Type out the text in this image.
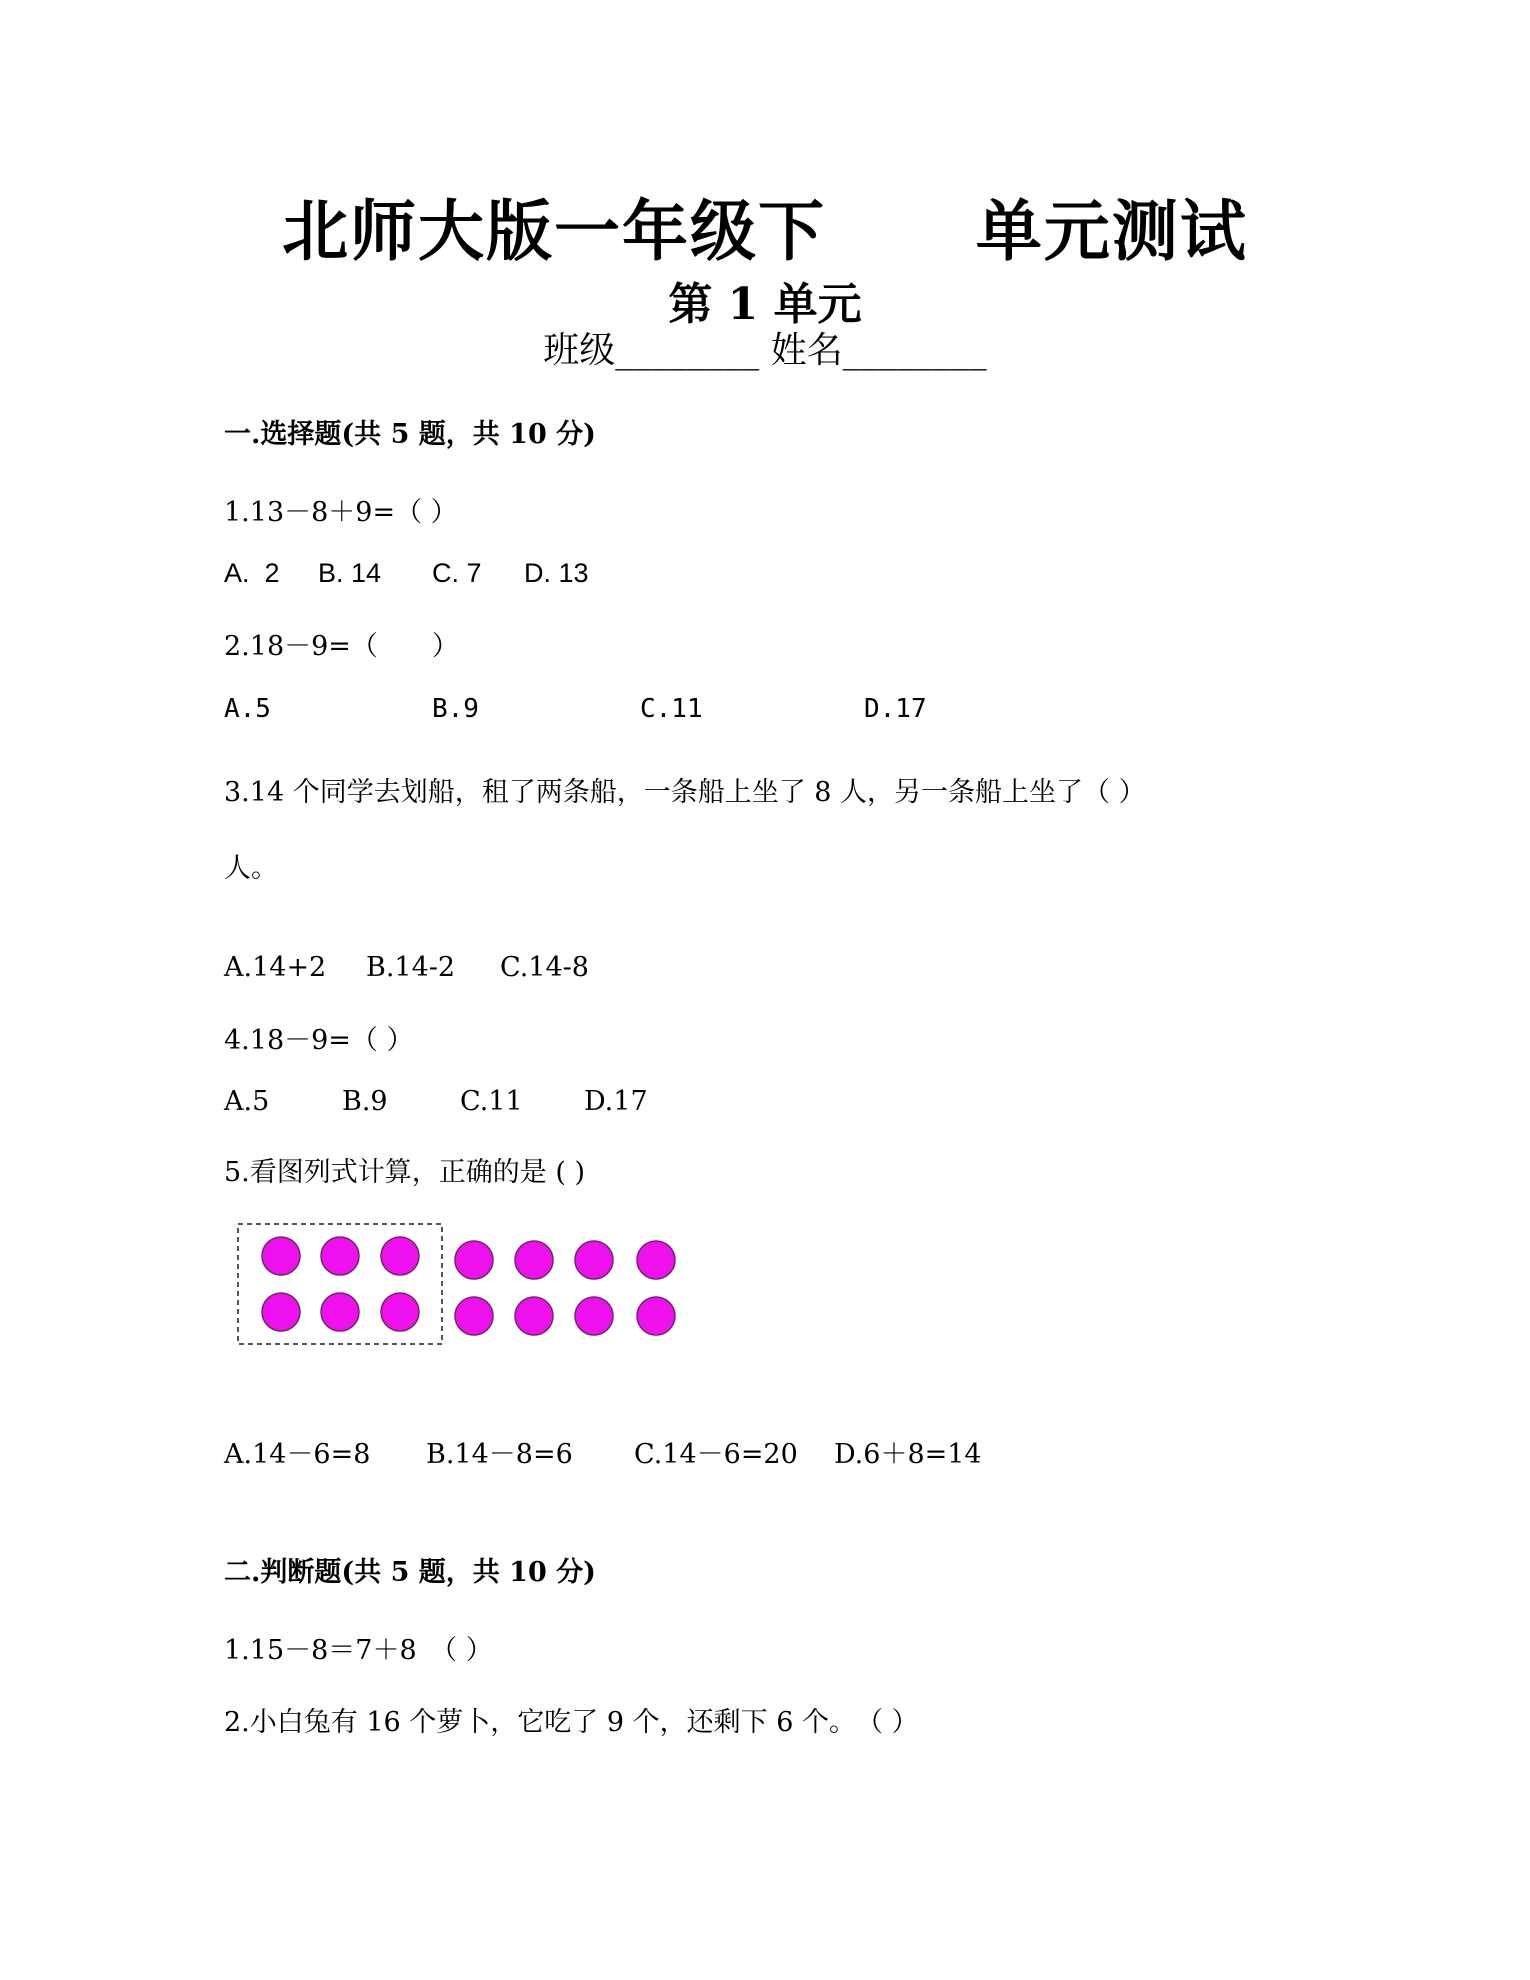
北师大版一年级下      单元测试
第 1 单元
班级________ 姓名________
一.选择题(共 5 题，共 10 分)
1.13－8＋9=（ ）
A.  2 B. 14 C. 7 D. 13
2.18－9=（　　）
A.5	B.9	C.11	D.17
3.14 个同学去划船，租了两条船，一条船上坐了 8 人，另一条船上坐了（ ）
人。
A.14+2 B.14-2 C.14-8
4.18－9=（ ）
A.5	B.9	C.11 D.17
5.看图列式计算，正确的是 ( )
A.14－6=8 B.14－8=6 C.14－6=20 D.6＋8=14
二.判断题(共 5 题，共 10 分)
1.15－8＝7＋8　（ ）
2.小白兔有 16 个萝卜，它吃了 9 个，还剩下 6 个。　（ ）
